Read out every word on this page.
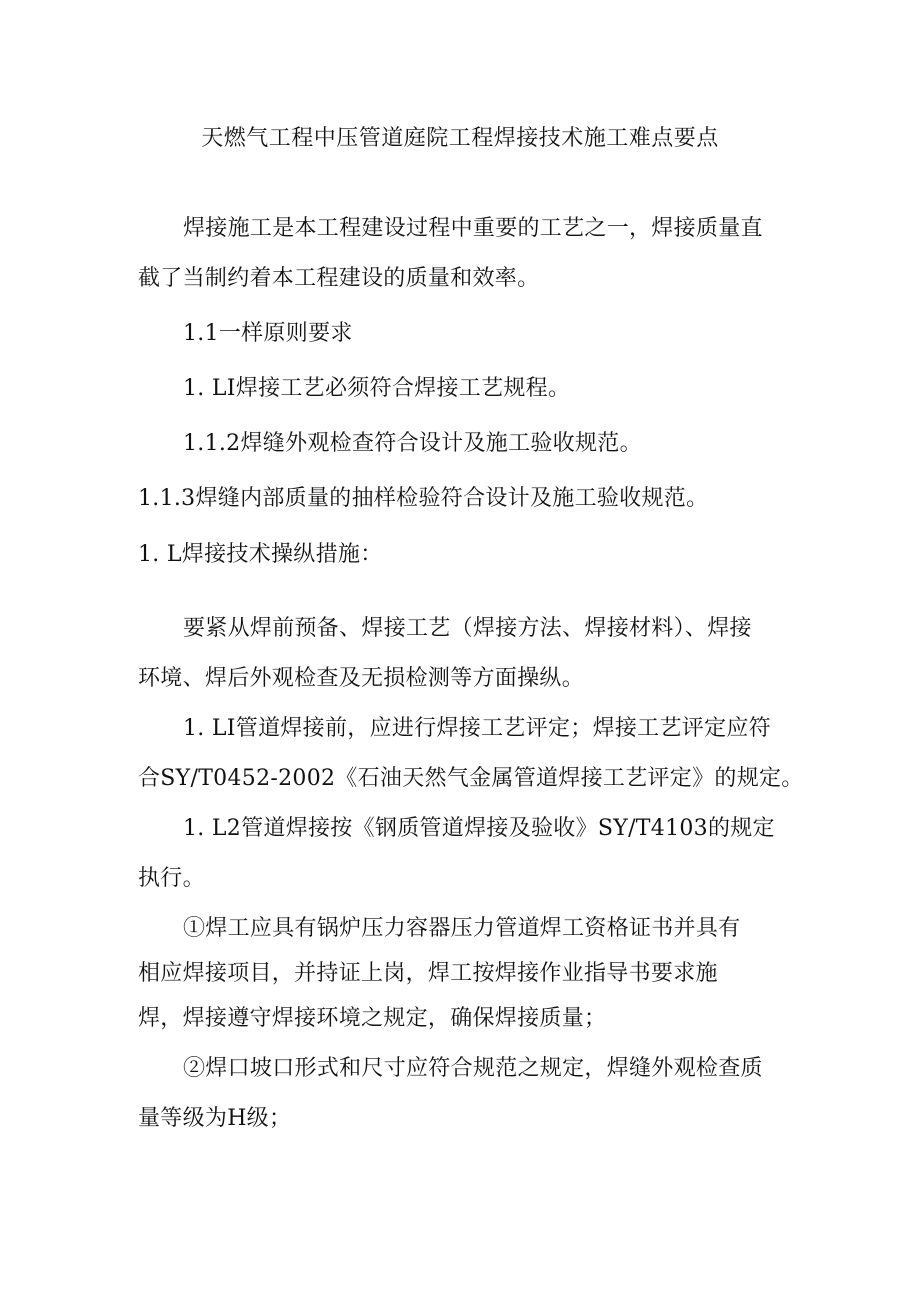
天燃气工程中压管道庭院工程焊接技术施工难点要点
焊接施工是本工程建设过程中重要的工艺之一，焊接质量直
截了当制约着本工程建设的质量和效率。
1.1一样原则要求
1. LI焊接工艺必须符合焊接工艺规程。
1.1.2焊缝外观检查符合设计及施工验收规范。
1.1.3焊缝内部质量的抽样检验符合设计及施工验收规范。
1. L焊接技术操纵措施：
要紧从焊前预备、焊接工艺（焊接方法、焊接材料）、焊接
环境、焊后外观检查及无损检测等方面操纵。
1. LI管道焊接前，应进行焊接工艺评定；焊接工艺评定应符
合SY/T0452-2002《石油天然气金属管道焊接工艺评定》的规定。
1. L2管道焊接按《钢质管道焊接及验收》SY/T4103的规定
执行。
①焊工应具有锅炉压力容器压力管道焊工资格证书并具有
相应焊接项目，并持证上岗，焊工按焊接作业指导书要求施
焊，焊接遵守焊接环境之规定，确保焊接质量；
②焊口坡口形式和尺寸应符合规范之规定，焊缝外观检查质
量等级为H级；
